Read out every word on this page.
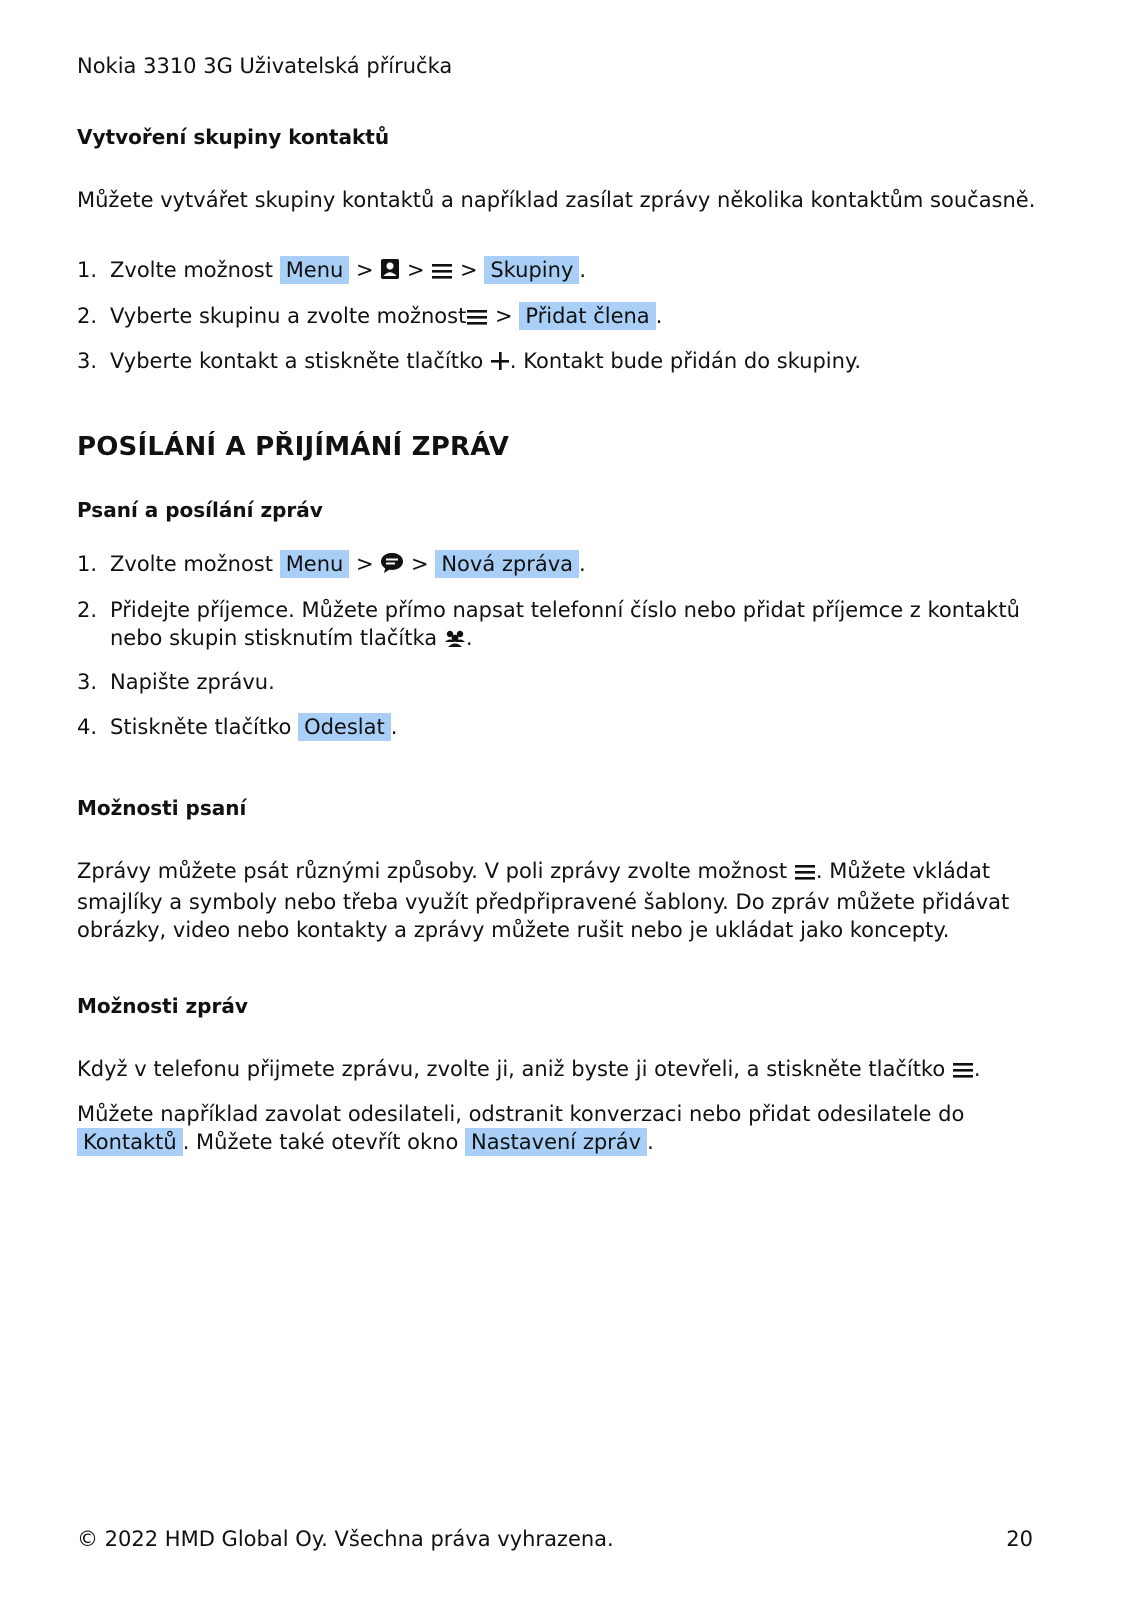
Nokia 3310 3G Uživatelská příručka
Vytvoření skupiny kontaktů
Můžete vytvářet skupiny kontaktů a například zasílat zprávy několika kontaktům současně.
1. Zvolte možnost Menu > > > Skupiny .
2. Vyberte skupinu a zvolte možnost > Přidat člena .
3. Vyberte kontakt a stiskněte tlačítko . Kontakt bude přidán do skupiny.
POSÍLÁNÍ A PŘIJÍMÁNÍ ZPRÁV
Psaní a posílání zpráv
1. Zvolte možnost Menu > > Nová zpráva .
2. Přidejte příjemce. Můžete přímo napsat telefonní číslo nebo přidat příjemce z kontaktů nebo skupin stisknutím tlačítka .
3. Napište zprávu.
4. Stiskněte tlačítko Odeslat .
Možnosti psaní
Zprávy můžete psát různými způsoby. V poli zprávy zvolte možnost . Můžete vkládat smajlíky a symboly nebo třeba využít předpřipravené šablony. Do zpráv můžete přidávat obrázky, video nebo kontakty a zprávy můžete rušit nebo je ukládat jako koncepty.
Možnosti zpráv
Když v telefonu přijmete zprávu, zvolte ji, aniž byste ji otevřeli, a stiskněte tlačítko .
Můžete například zavolat odesilateli, odstranit konverzaci nebo přidat odesilatele do Kontaktů . Můžete také otevřít okno Nastavení zpráv .
© 2022 HMD Global Oy. Všechna práva vyhrazena.	20
